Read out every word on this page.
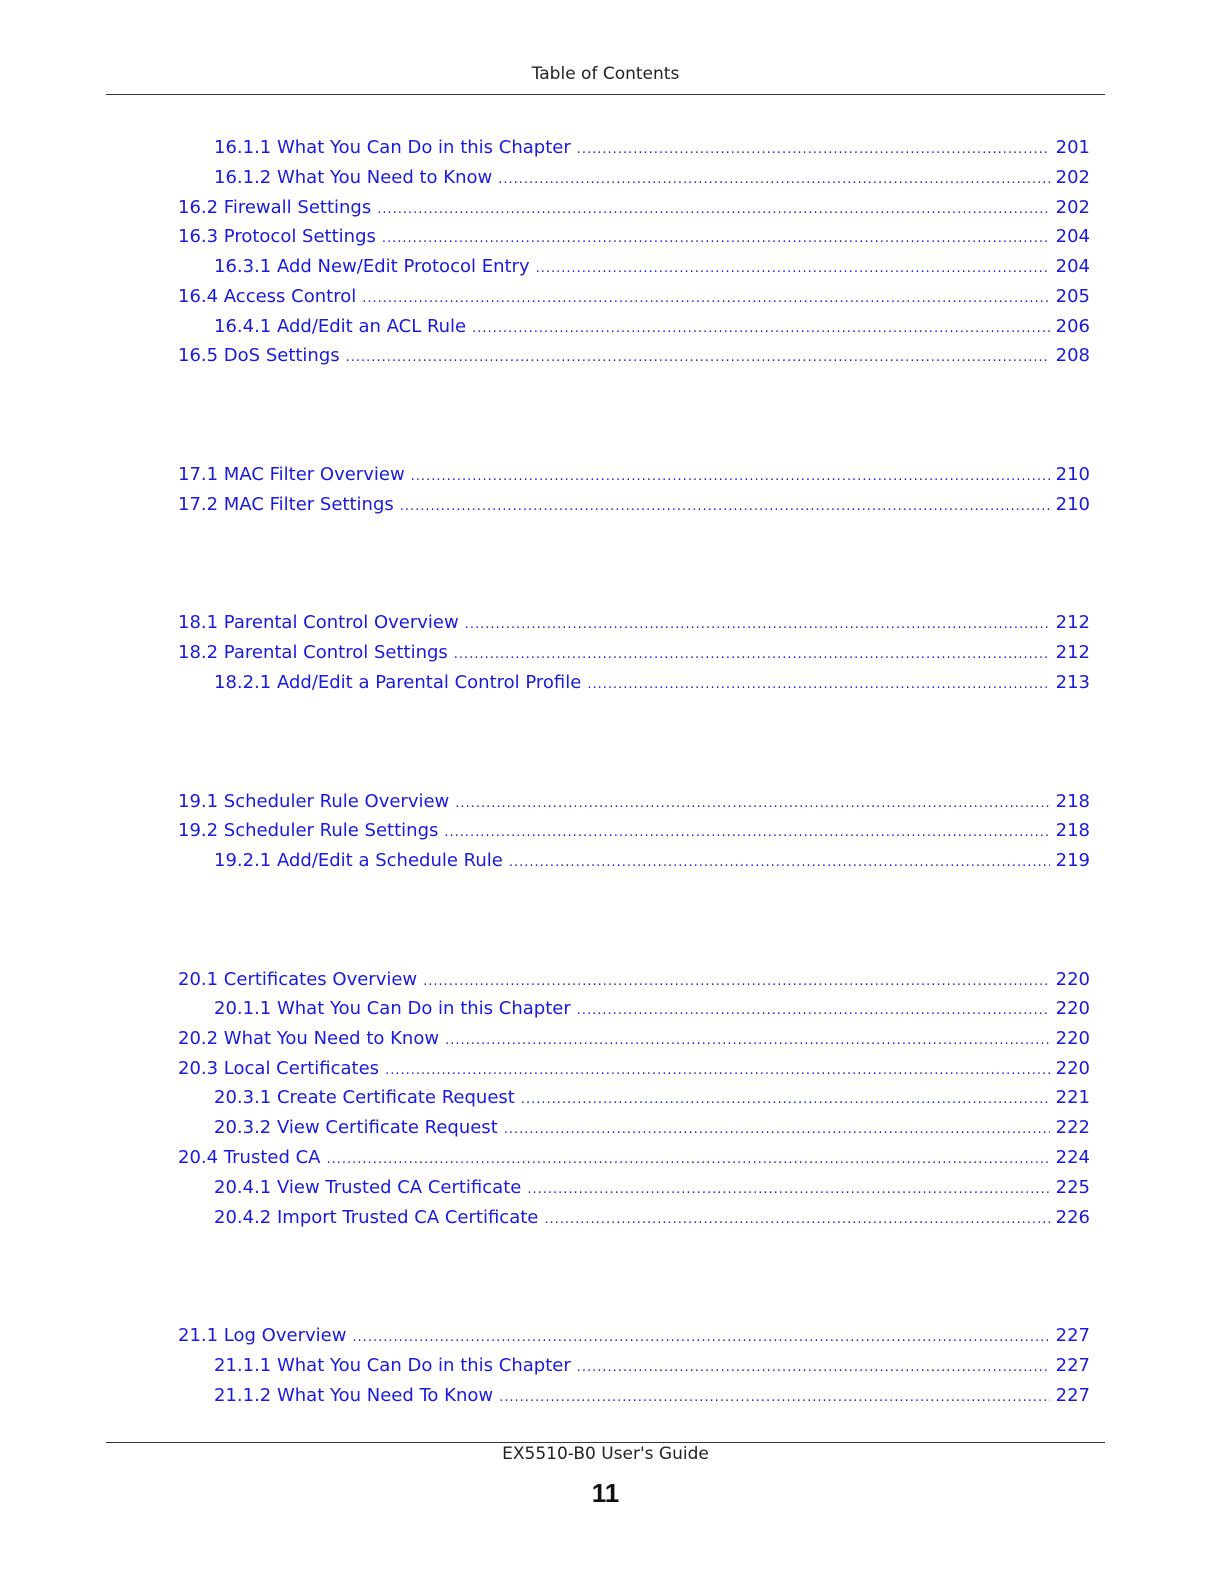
Table of Contents
16.1.1 What You Can Do in this Chapter .....	201
16.1.2 What You Need to Know .....	202
16.2 Firewall Settings .....	202
16.3 Protocol Settings .....	204
16.3.1 Add New/Edit Protocol Entry .....	204
16.4 Access Control .....	205
16.4.1 Add/Edit an ACL Rule .....	206
16.5 DoS Settings .....	208
17.1 MAC Filter Overview .....	210
17.2 MAC Filter Settings .....	210
18.1 Parental Control Overview .....	212
18.2 Parental Control Settings .....	212
18.2.1 Add/Edit a Parental Control Profile .....	213
19.1 Scheduler Rule Overview .....	218
19.2 Scheduler Rule Settings .....	218
19.2.1 Add/Edit a Schedule Rule .....	219
20.1 Certificates Overview .....	220
20.1.1 What You Can Do in this Chapter .....	220
20.2 What You Need to Know .....	220
20.3 Local Certificates .....	220
20.3.1 Create Certificate Request .....	221
20.3.2 View Certificate Request .....	222
20.4 Trusted CA .....	224
20.4.1 View Trusted CA Certificate .....	225
20.4.2 Import Trusted CA Certificate .....	226
21.1 Log Overview .....	227
21.1.1 What You Can Do in this Chapter .....	227
21.1.2 What You Need To Know .....	227
EX5510-B0 User's Guide
11
